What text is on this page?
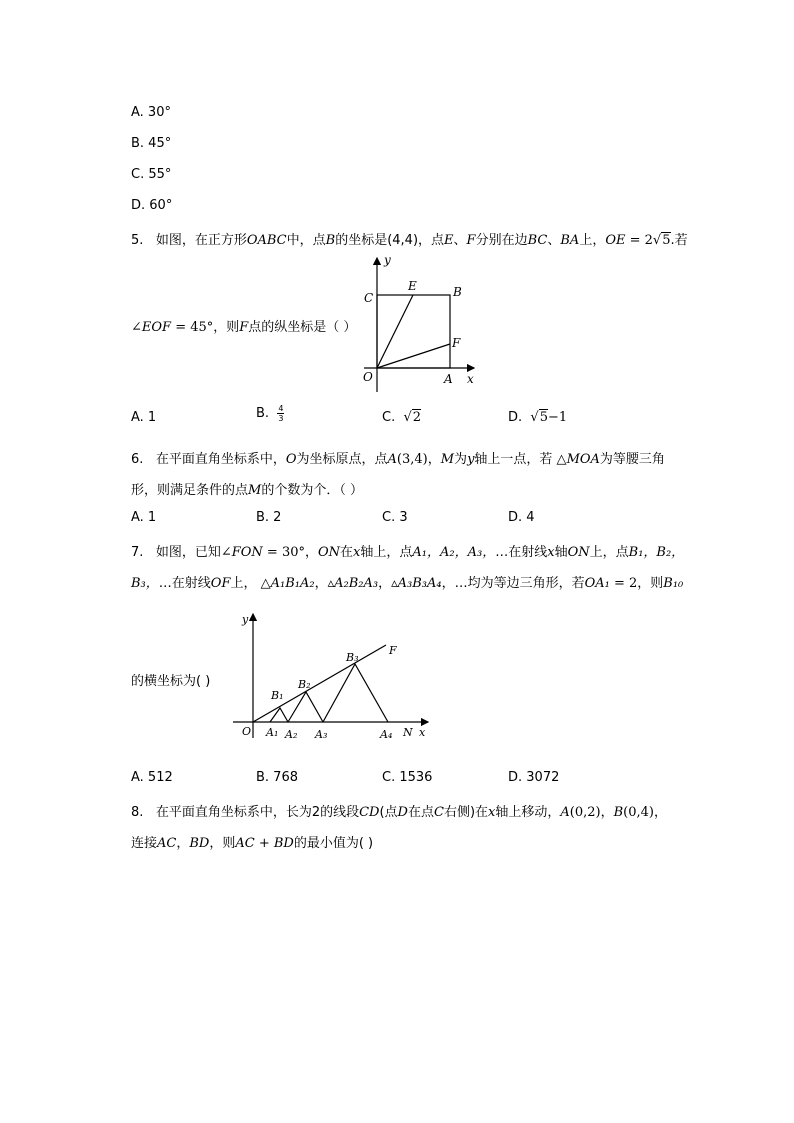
A. 30°
B. 45°
C. 55°
D. 60°
5. 如图，在正方形OABC中，点B的坐标是(4,4)，点E、F分别在边BC、BA上，OE = 2√5.若
∠EOF = 45°，则F点的纵坐标是（ ）
y
C
E	B
F
O	A x
A. 1	B. $\frac{4}{3}$	C. √2	D. √5−1
6. 在平面直角坐标系中，O为坐标原点，点A(3,4)，M为y轴上一点，若 △MOA为等腰三角
形，则满足条件的点M的个数为个．（ ）
A. 1	B. 2	C. 3	D. 4
7. 如图，已知∠FON = 30°，ON在x轴上，点A₁，A₂，A₃，…在射线x轴ON上，点B₁，B₂，
B₃，…在射线OF上， △A₁B₁A₂，▵A₂B₂A₃，▵A₃B₃A₄，…均为等边三角形，若OA₁ = 2，则B₁₀
的横坐标为( )
y
F
B₃
B₂
B₁
O A₁ A₂ A₃	A₄ N x
A. 512	B. 768	C. 1536	D. 3072
8. 在平面直角坐标系中，长为2的线段CD(点D在点C右侧)在x轴上移动，A(0,2)，B(0,4)，
连接AC，BD，则AC + BD的最小值为( )
